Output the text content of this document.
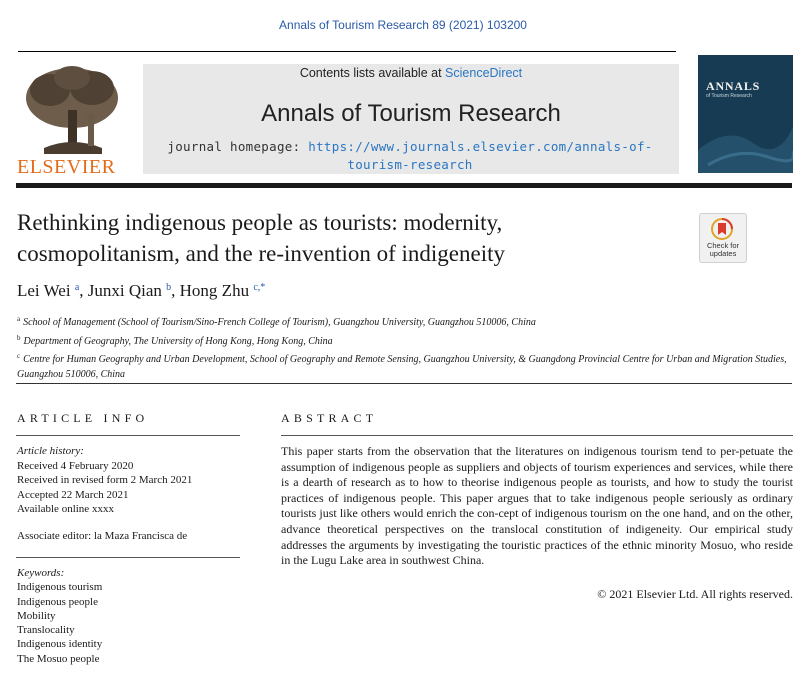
Annals of Tourism Research 89 (2021) 103200
ELSEVIER
Contents lists available at ScienceDirect
Annals of Tourism Research
journal homepage: https://www.journals.elsevier.com/annals-of-
tourism-research
ANNALS
of Tourism Research
Rethinking indigenous people as tourists: modernity,
cosmopolitanism, and the re-invention of indigeneity	Check for
updates
Lei Wei $^a$, Junxi Qian $^b$, Hong Zhu $^{c,*}$
$^a$ School of Management (School of Tourism/Sino-French College of Tourism), Guangzhou University, Guangzhou 510006, China
$^b$ Department of Geography, The University of Hong Kong, Hong Kong, China
$^c$ Centre for Human Geography and Urban Development, School of Geography and Remote Sensing, Guangzhou University, & Guangdong Provincial Centre for Urban and Migration Studies, Guangzhou 510006, China
ARTICLE INFO
Article history:
Received 4 February 2020
Received in revised form 2 March 2021
Accepted 22 March 2021
Available online xxxx
Associate editor: la Maza Francisca de
Keywords:
Indigenous tourism
Indigenous people
Mobility
Translocality
Indigenous identity
The Mosuo people
ABSTRACT
This paper starts from the observation that the literatures on indigenous tourism tend to per-petuate the assumption of indigenous people as suppliers and objects of tourism experiences and services, while there is a dearth of research as to how to theorise indigenous people as tourists, and how to study the tourist practices of indigenous people. This paper argues that to take indigenous people seriously as ordinary tourists just like others would enrich the con-cept of indigenous tourism on the one hand, and on the other, advance theoretical perspectives on the translocal constitution of indigeneity. Our empirical study addresses the arguments by investigating the touristic practices of the ethnic minority Mosuo, who reside in the Lugu Lake area in southwest China.
© 2021 Elsevier Ltd. All rights reserved.
